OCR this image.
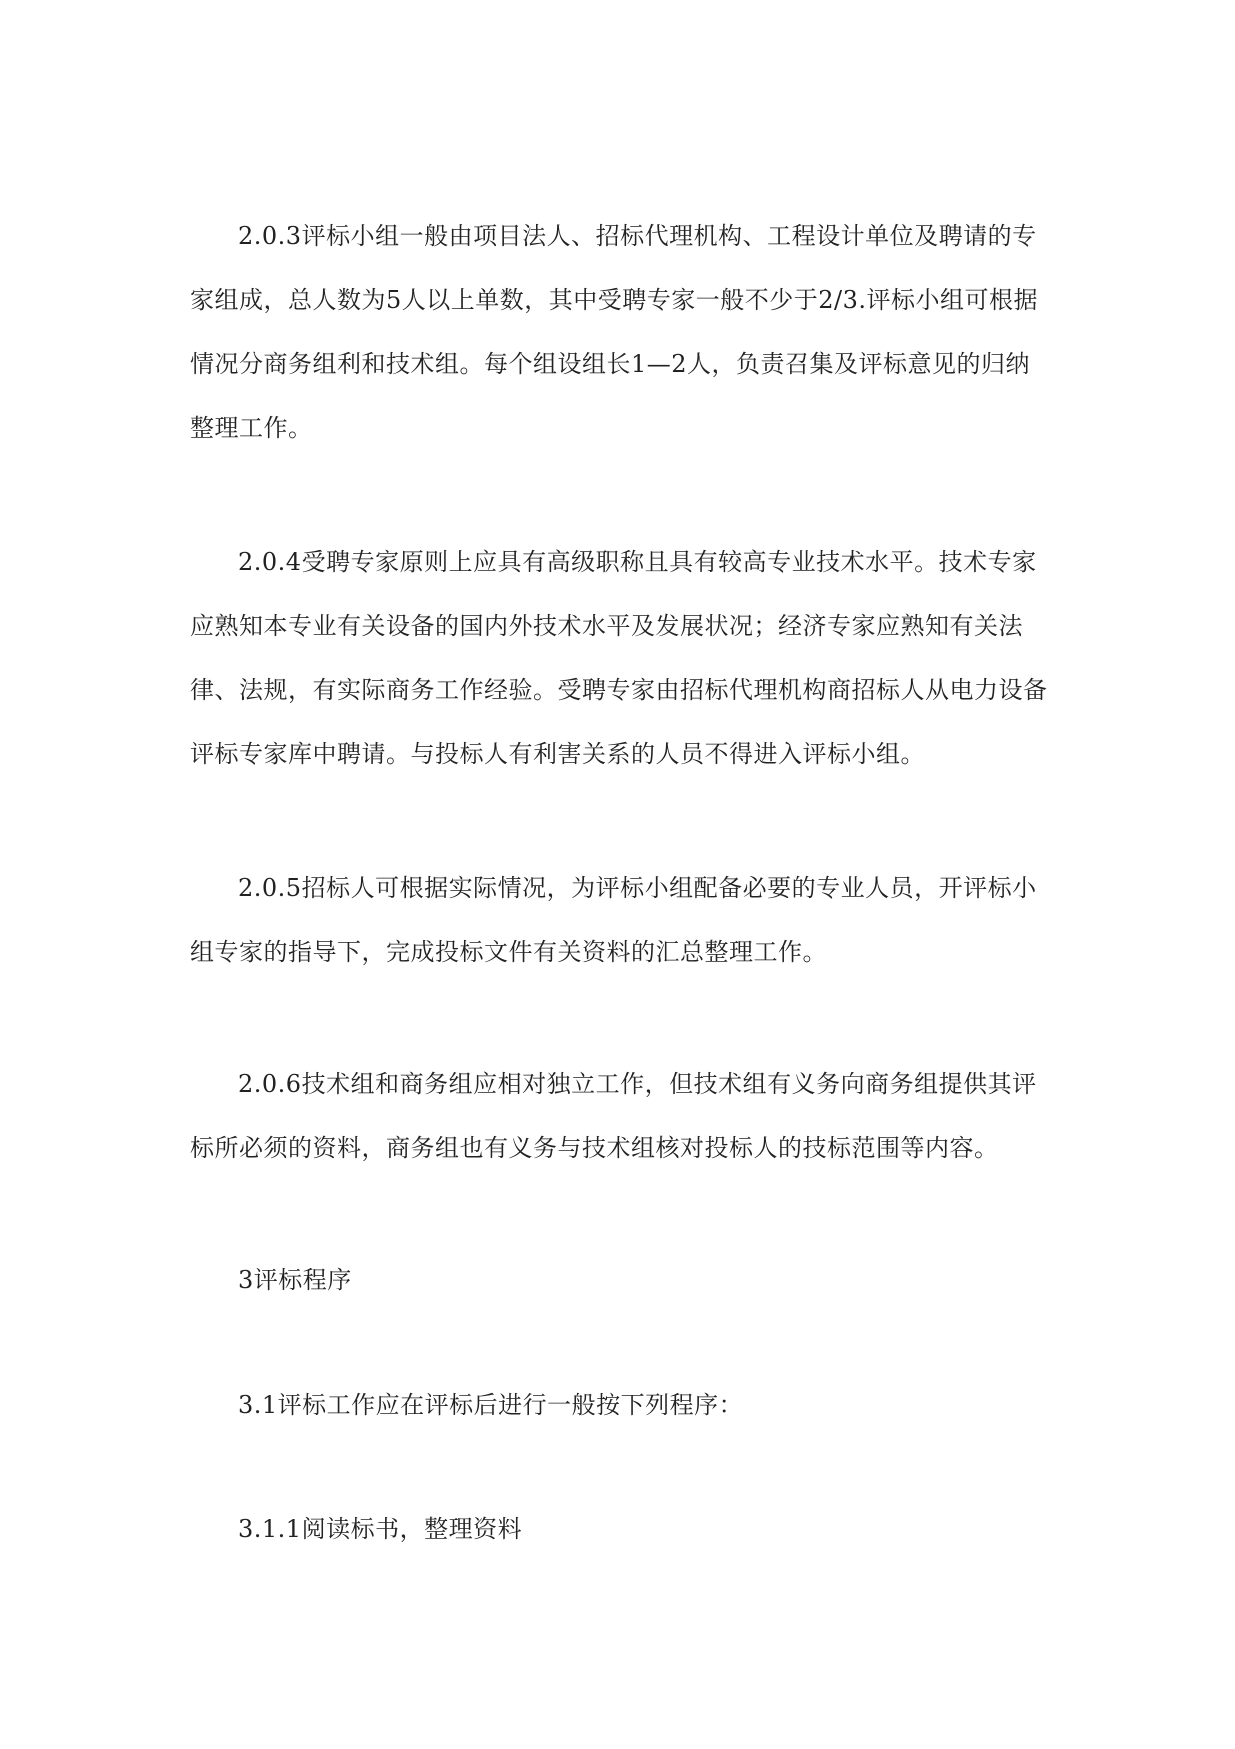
2.0.3评标小组一般由项目法人、招标代理机构、工程设计单位及聘请的专家组成，总人数为5人以上单数，其中受聘专家一般不少于2/3.评标小组可根据情况分商务组利和技术组。每个组设组长1—2人，负责召集及评标意见的归纳整理工作。

2.0.4受聘专家原则上应具有高级职称且具有较高专业技术水平。技术专家应熟知本专业有关设备的国内外技术水平及发展状况；经济专家应熟知有关法律、法规，有实际商务工作经验。受聘专家由招标代理机构商招标人从电力设备评标专家库中聘请。与投标人有利害关系的人员不得进入评标小组。

2.0.5招标人可根据实际情况，为评标小组配备必要的专业人员，开评标小组专家的指导下，完成投标文件有关资料的汇总整理工作。

2.0.6技术组和商务组应相对独立工作，但技术组有义务向商务组提供其评标所必须的资料，商务组也有义务与技术组核对投标人的技标范围等内容。

3评标程序

3.1评标工作应在评标后进行一般按下列程序：

3.1.1阅读标书，整理资料
